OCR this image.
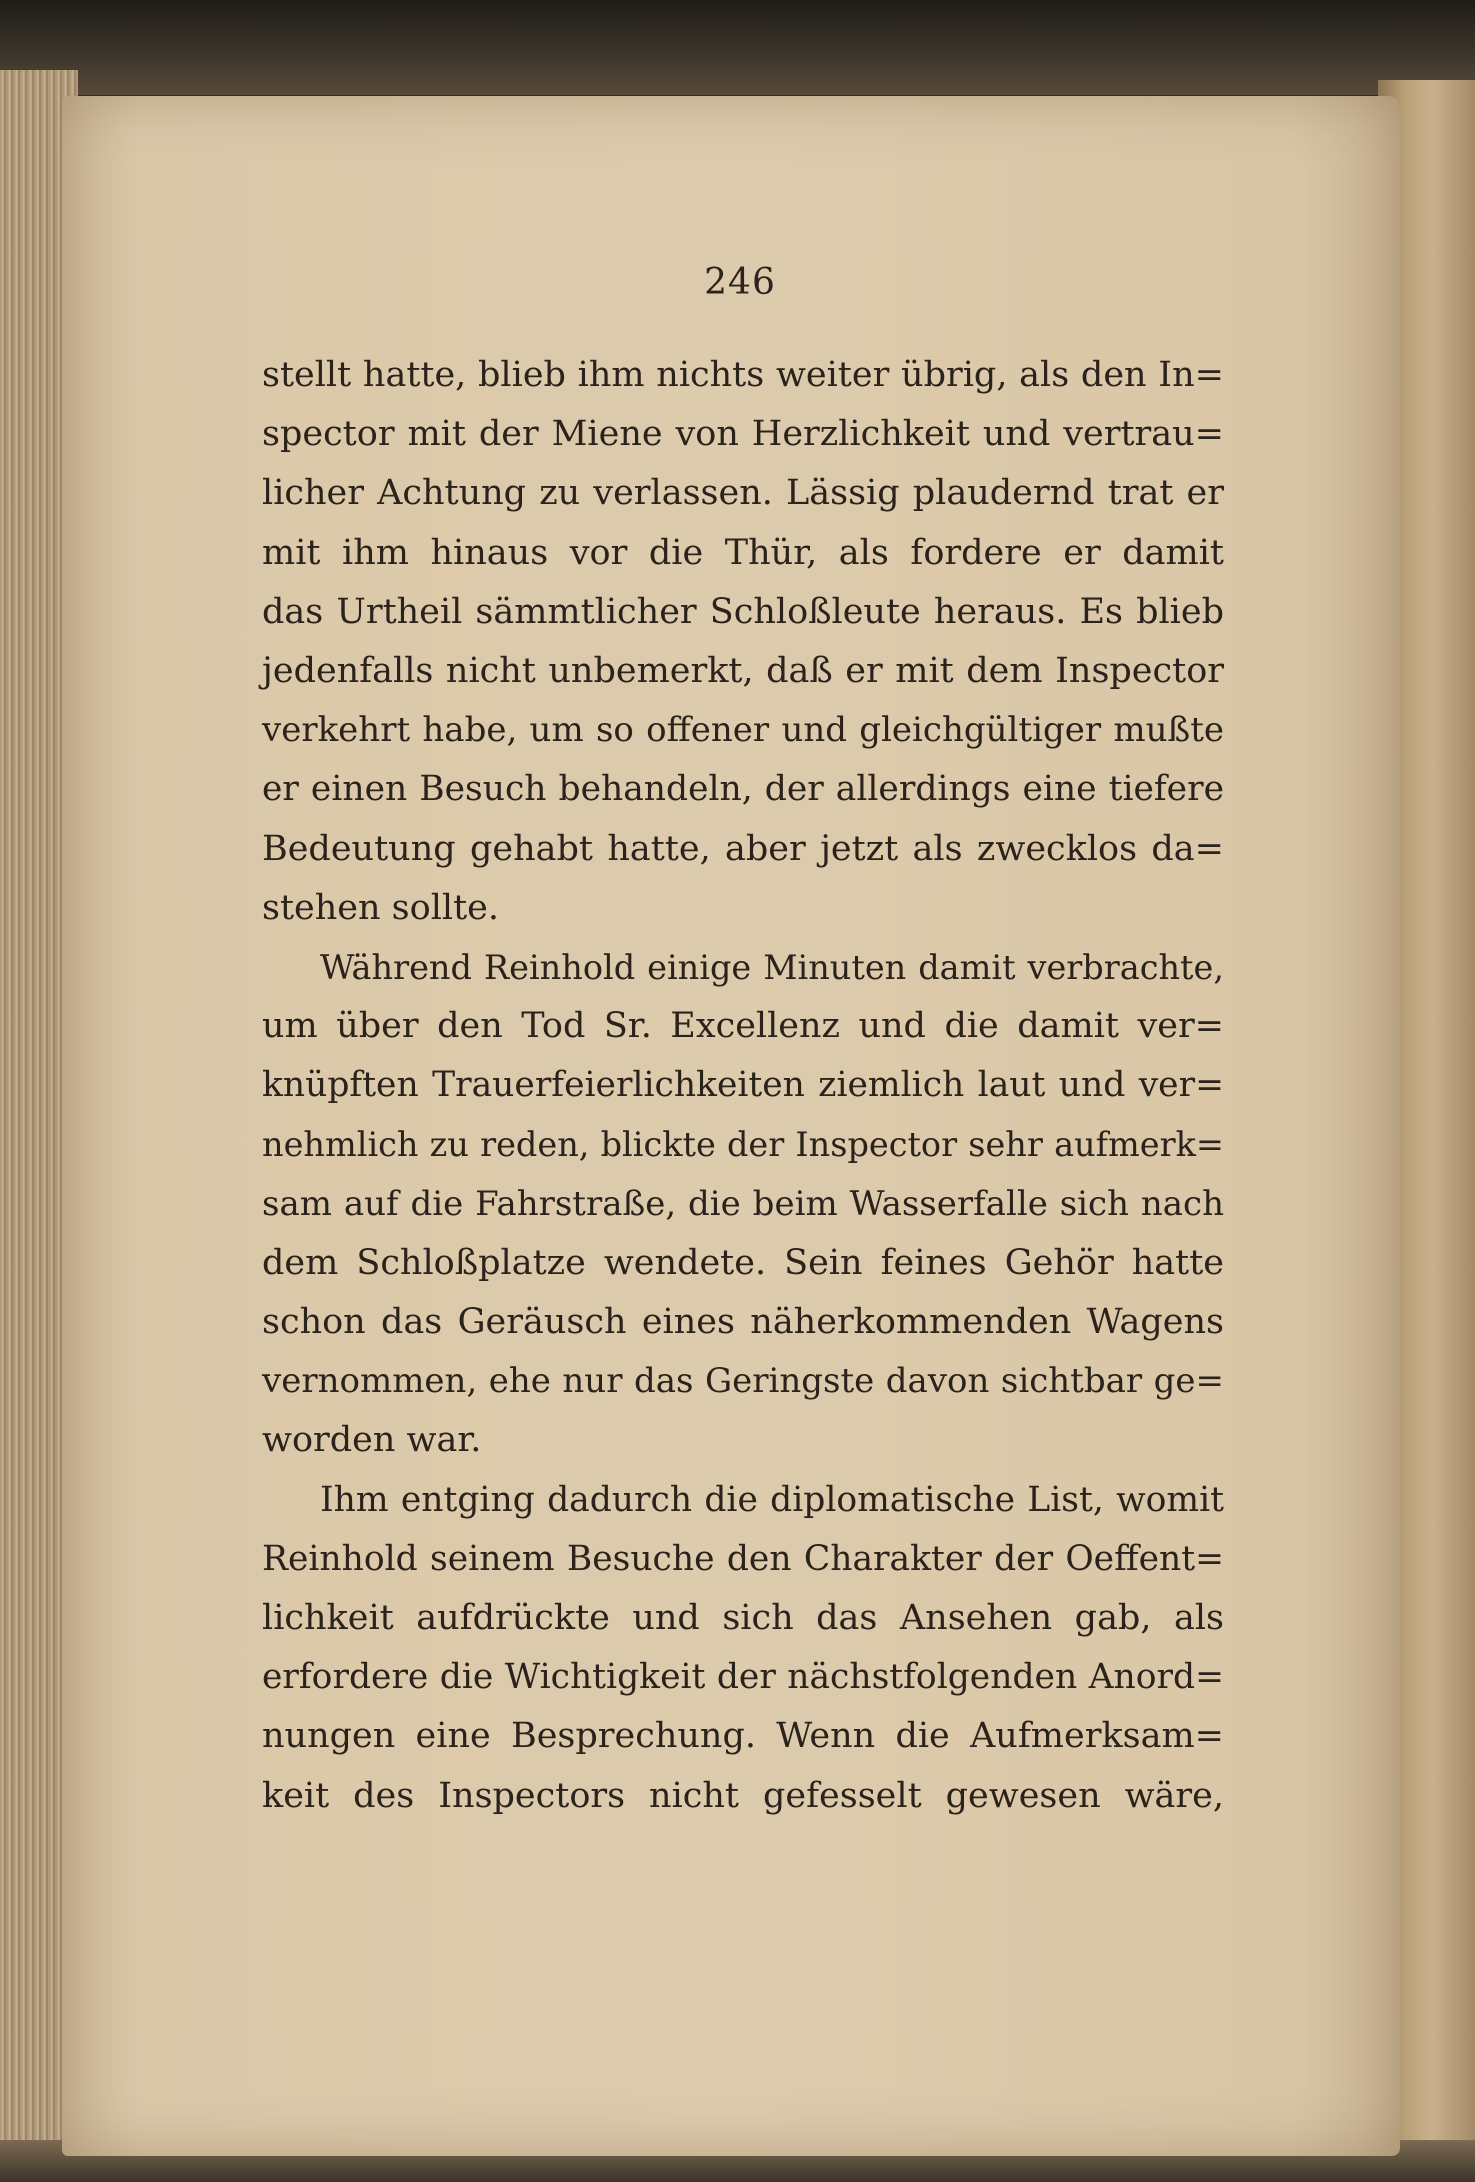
246
stellt hatte, blieb ihm nichts weiter übrig, als den In=
spector mit der Miene von Herzlichkeit und vertrau=
licher Achtung zu verlassen. Lässig plaudernd trat er
mit ihm hinaus vor die Thür, als fordere er damit
das Urtheil sämmtlicher Schloßleute heraus. Es blieb
jedenfalls nicht unbemerkt, daß er mit dem Inspector
verkehrt habe, um so offener und gleichgültiger mußte
er einen Besuch behandeln, der allerdings eine tiefere
Bedeutung gehabt hatte, aber jetzt als zwecklos da=
stehen sollte.
Während Reinhold einige Minuten damit verbrachte,
um über den Tod Sr. Excellenz und die damit ver=
knüpften Trauerfeierlichkeiten ziemlich laut und ver=
nehmlich zu reden, blickte der Inspector sehr aufmerk=
sam auf die Fahrstraße, die beim Wasserfalle sich nach
dem Schloßplatze wendete. Sein feines Gehör hatte
schon das Geräusch eines näherkommenden Wagens
vernommen, ehe nur das Geringste davon sichtbar ge=
worden war.
Ihm entging dadurch die diplomatische List, womit
Reinhold seinem Besuche den Charakter der Oeffent=
lichkeit aufdrückte und sich das Ansehen gab, als
erfordere die Wichtigkeit der nächstfolgenden Anord=
nungen eine Besprechung. Wenn die Aufmerksam=
keit des Inspectors nicht gefesselt gewesen wäre,
